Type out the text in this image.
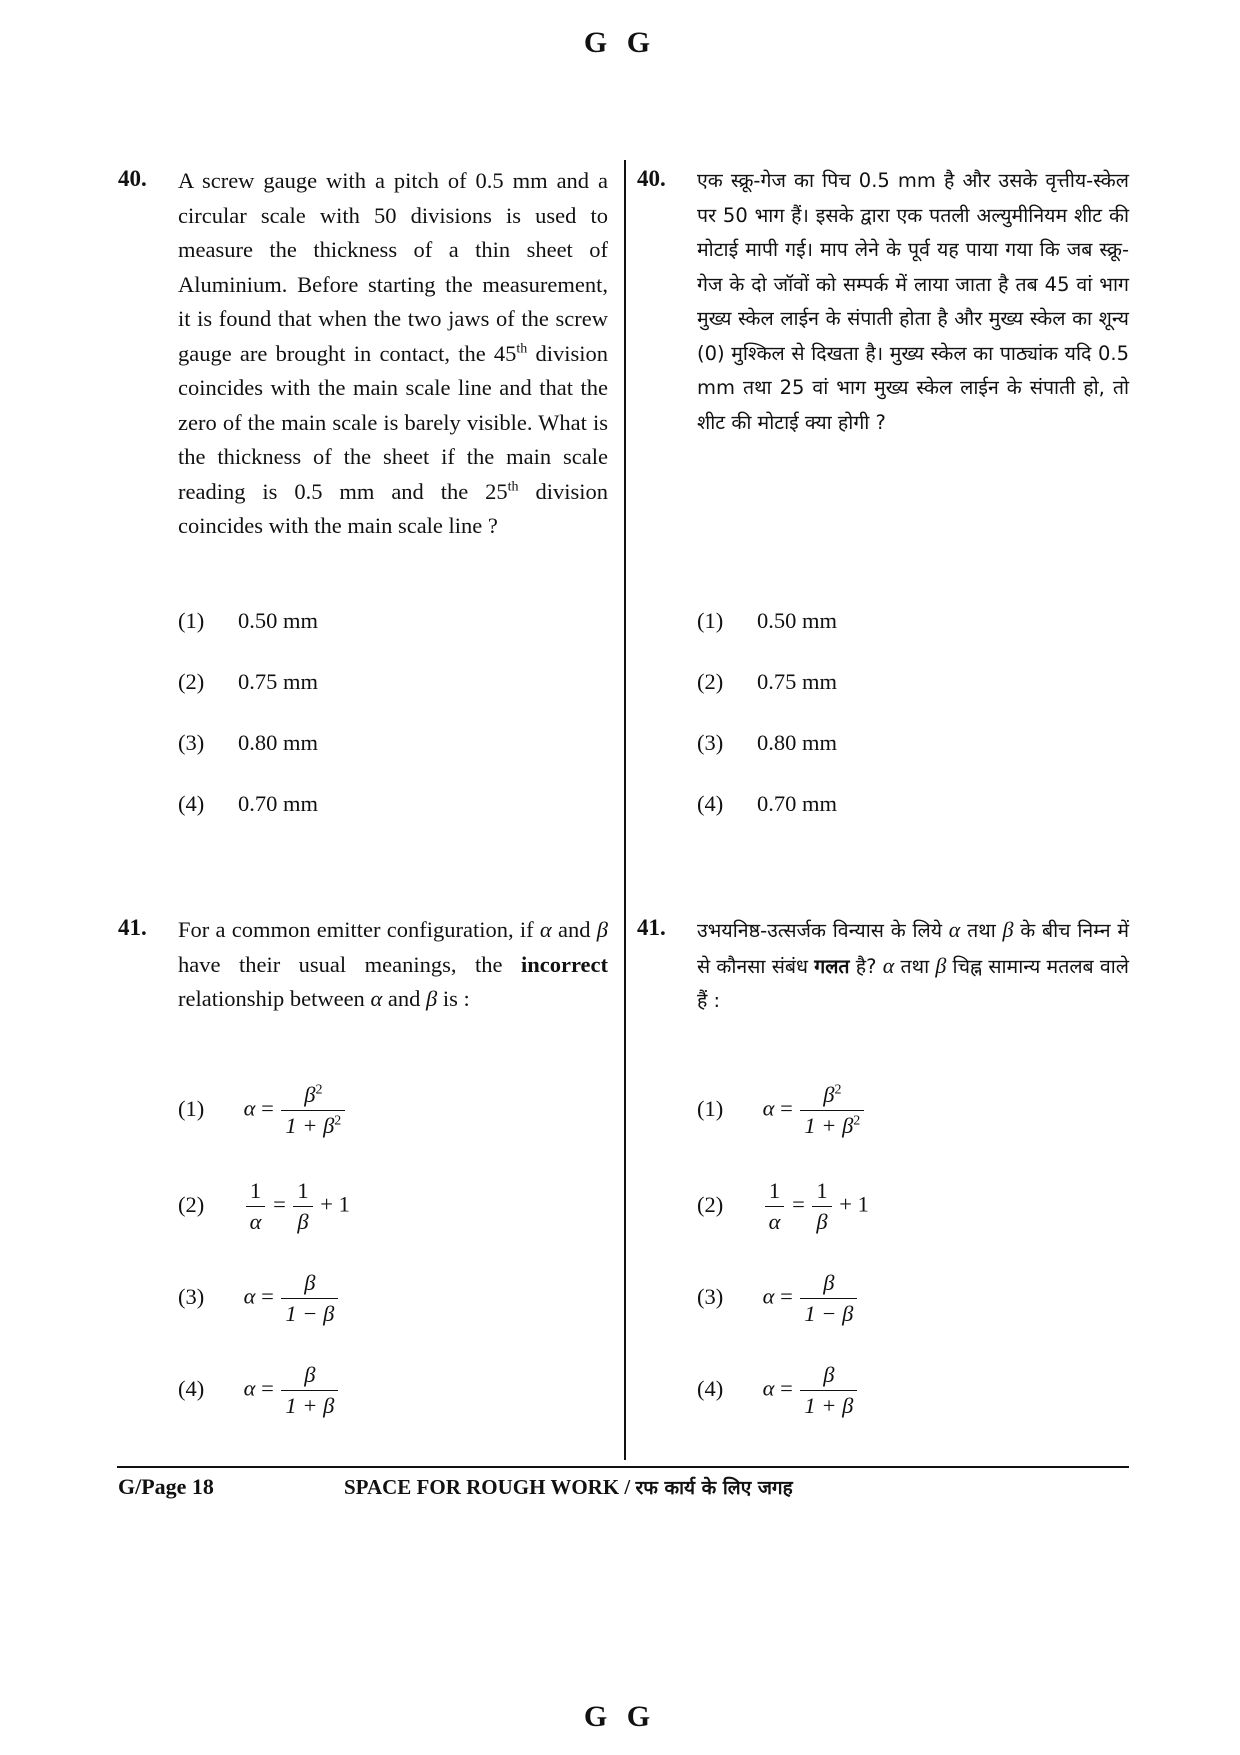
G G
40. A screw gauge with a pitch of 0.5 mm and a circular scale with 50 divisions is used to measure the thickness of a thin sheet of Aluminium. Before starting the measurement, it is found that when the two jaws of the screw gauge are brought in contact, the 45th division coincides with the main scale line and that the zero of the main scale is barely visible. What is the thickness of the sheet if the main scale reading is 0.5 mm and the 25th division coincides with the main scale line ?
(1) 0.50 mm
(2) 0.75 mm
(3) 0.80 mm
(4) 0.70 mm
40. एक स्क्रू-गेज का पिच 0.5 mm है और उसके वृत्तीय-स्केल पर 50 भाग हैं। इसके द्वारा एक पतली अल्युमीनियम शीट की मोटाई मापी गई। माप लेने के पूर्व यह पाया गया कि जब स्क्रू-गेज के दो जॉवों को सम्पर्क में लाया जाता है तब 45 वां भाग मुख्य स्केल लाईन के संपाती होता है और मुख्य स्केल का शून्य (0) मुश्किल से दिखता है। मुख्य स्केल का पाठ्यांक यदि 0.5 mm तथा 25 वां भाग मुख्य स्केल लाईन के संपाती हो, तो शीट की मोटाई क्या होगी ?
(1) 0.50 mm
(2) 0.75 mm
(3) 0.80 mm
(4) 0.70 mm
41. For a common emitter configuration, if α and β have their usual meanings, the incorrect relationship between α and β is :
41. उभयनिष्ठ-उत्सर्जक विन्यास के लिये α तथा β के बीच निम्न में से कौनसा संबंध गलत है? α तथा β चिह्न सामान्य मतलब वाले हैं :
(1) $\alpha = \frac{\beta^2}{1 + \beta^2}$
$(2) \frac{1}{\alpha} = \frac{1}{\beta} + 1$
(3) $\alpha = \frac{\beta}{1 - \beta}$
(4) $\alpha = \frac{\beta}{1 + \beta}$
(1) $\alpha = \frac{\beta^2}{1 + \beta^2}$
$(2) \frac{1}{\alpha} = \frac{1}{\beta} + 1$
(3) $\alpha = \frac{\beta}{1 - \beta}$
(4) $\alpha = \frac{\beta}{1 + \beta}$
G/Page 18	SPACE FOR ROUGH WORK / रफ कार्य के लिए जगह
G G
